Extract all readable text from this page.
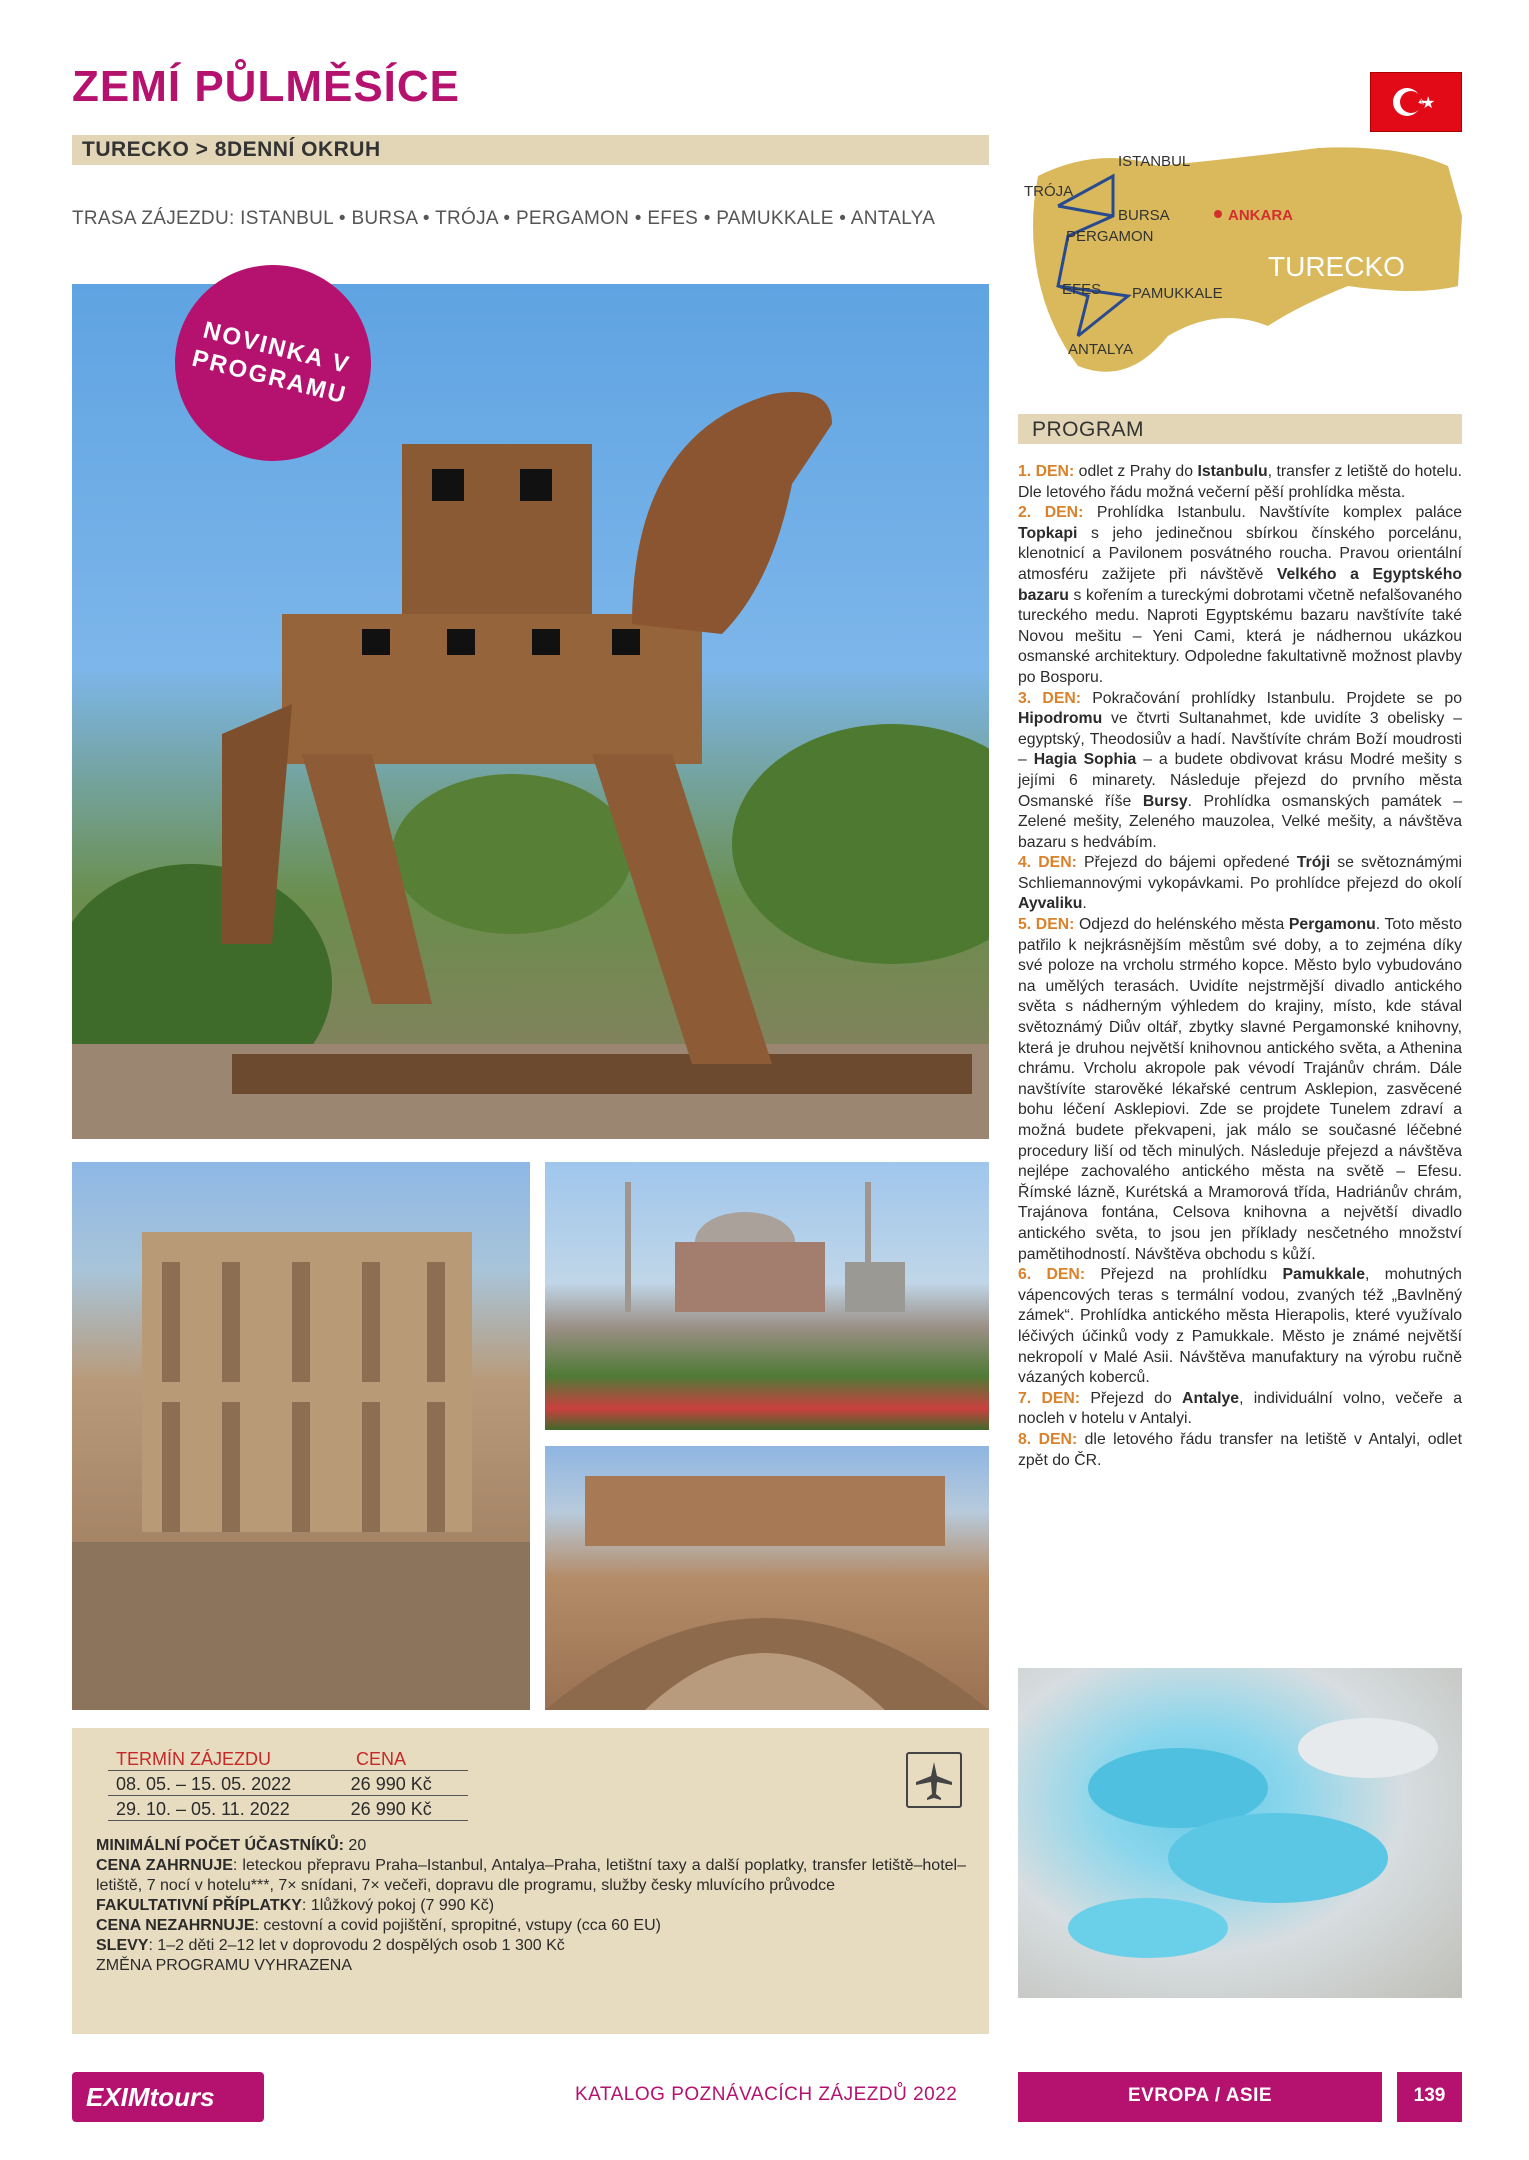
ZEMÍ PŮLMĚSÍCE	★
TURECKO > 8DENNÍ OKRUH
TRASA ZÁJEZDU: ISTANBUL • BURSA • TRÓJA • PERGAMON • EFES • PAMUKKALE • ANTALYA
NOVINKA V PROGRAMU
ISTANBUL
TRÓJA
BURSA
PERGAMON
EFES PAMUKKALE
ANTALYA
ANKARA
TURECKO
PROGRAM

1. DEN: odlet z Prahy do Istanbulu, transfer z letiště do hotelu. Dle letového řádu možná večerní pěší prohlídka města.

2. DEN: Prohlídka Istanbulu. Navštívíte komplex paláce Topkapi s jeho jedinečnou sbírkou čínského porcelánu, klenotnicí a Pavilonem posvátného roucha. Pravou orientální atmosféru zažijete při návštěvě Velkého a Egyptského bazaru s kořením a tureckými dobrotami včetně nefalšovaného tureckého medu. Naproti Egyptskému bazaru navštívíte také Novou mešitu – Yeni Cami, která je nádhernou ukázkou osmanské architektury. Odpoledne fakultativně možnost plavby po Bosporu.

3. DEN: Pokračování prohlídky Istanbulu. Projdete se po Hipodromu ve čtvrti Sultanahmet, kde uvidíte 3 obelisky – egyptský, Theodosiův a hadí. Navštívíte chrám Boží moudrosti – Hagia Sophia – a budete obdivovat krásu Modré mešity s jejími 6 minarety. Následuje přejezd do prvního města Osmanské říše Bursy. Prohlídka osmanských památek – Zelené mešity, Zeleného mauzolea, Velké mešity, a návštěva bazaru s hedvábím.

4. DEN: Přejezd do bájemi opředené Tróji se světoznámými Schliemannovými vykopávkami. Po prohlídce přejezd do okolí Ayvaliku.

5. DEN: Odjezd do helénského města Pergamonu. Toto město patřilo k nejkrásnějším městům své doby, a to zejména díky své poloze na vrcholu strmého kopce. Město bylo vybudováno na umělých terasách. Uvidíte nejstrmější divadlo antického světa s nádherným výhledem do krajiny, místo, kde stával světoznámý Diův oltář, zbytky slavné Pergamonské knihovny, která je druhou největší knihovnou antického světa, a Athenina chrámu. Vrcholu akropole pak vévodí Trajánův chrám. Dále navštívíte starověké lékařské centrum Asklepion, zasvěcené bohu léčení Asklepiovi. Zde se projdete Tunelem zdraví a možná budete překvapeni, jak málo se současné léčebné procedury liší od těch minulých. Následuje přejezd a návštěva nejlépe zachovalého antického města na světě – Efesu. Římské lázně, Kurétská a Mramorová třída, Hadriánův chrám, Trajánova fontána, Celsova knihovna a největší divadlo antického světa, to jsou jen příklady nesčetného množství pamětihodností. Návštěva obchodu s kůží.

6. DEN: Přejezd na prohlídku Pamukkale, mohutných vápencových teras s termální vodou, zvaných též „Bavlněný zámek“. Prohlídka antického města Hierapolis, které využívalo léčivých účinků vody z Pamukkale. Město je známé největší nekropolí v Malé Asii. Návštěva manufaktury na výrobu ručně vázaných koberců.

7. DEN: Přejezd do Antalye, individuální volno, večeře a nocleh v hotelu v Antalyi.

8. DEN: dle letového řádu transfer na letiště v Antalyi, odlet zpět do ČR.

TERMÍN ZÁJEZDU	CENA
08. 05. – 15. 05. 2022	26 990 Kč
29. 10. – 05. 11. 2022	26 990 Kč
MINIMÁLNÍ POČET ÚČASTNÍKŮ: 20
CENA ZAHRNUJE: leteckou přepravu Praha–Istanbul, Antalya–Praha, letištní taxy a další poplatky, transfer letiště–hotel–letiště, 7 nocí v hotelu***, 7× snídani, 7× večeři, dopravu dle programu, služby česky mluvícího průvodce
FAKULTATIVNÍ PŘÍPLATKY: 1lůžkový pokoj (7 990 Kč)
CENA NEZAHRNUJE: cestovní a covid pojištění, spropitné, vstupy (cca 60 EU)
SLEVY: 1–2 děti 2–12 let v doprovodu 2 dospělých osob 1 300 Kč
ZMĚNA PROGRAMU VYHRAZENA
EXIMtours	KATALOG POZNÁVACÍCH ZÁJEZDŮ 2022	EVROPA / ASIE	139
